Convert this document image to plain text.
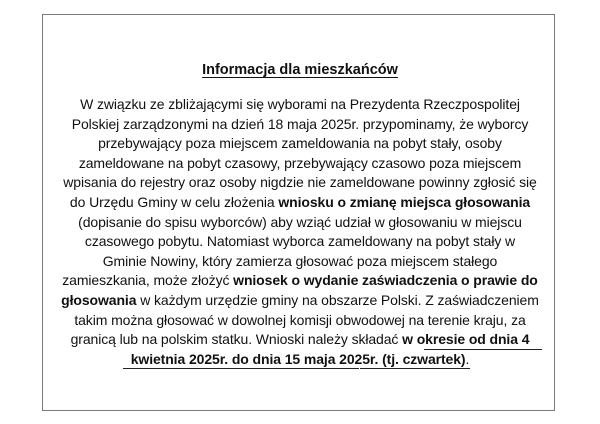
Informacja dla mieszkańców

W związku ze zbliżającymi się wyborami na Prezydenta Rzeczpospolitej
Polskiej zarządzonymi na dzień 18 maja 2025r. przypominamy, że wyborcy
przebywający poza miejscem zameldowania na pobyt stały, osoby
zameldowane na pobyt czasowy, przebywający czasowo poza miejscem
wpisania do rejestry oraz osoby nigdzie nie zameldowane powinny zgłosić się
do Urzędu Gminy w celu złożenia wniosku o zmianę miejsca głosowania
(dopisanie do spisu wyborców) aby wziąć udział w głosowaniu w miejscu
czasowego pobytu. Natomiast wyborca zameldowany na pobyt stały w
Gminie Nowiny, który zamierza głosować poza miejscem stałego
zamieszkania, może złożyć wniosek o wydanie zaświadczenia o prawie do
głosowania w każdym urzędzie gminy na obszarze Polski. Z zaświadczeniem
takim można głosować w dowolnej komisji obwodowej na terenie kraju, za
granicą lub na polskim statku. Wnioski należy składać w okresie od dnia 4
kwietnia 2025r. do dnia 15 maja 2025r. (tj. czwartek).
